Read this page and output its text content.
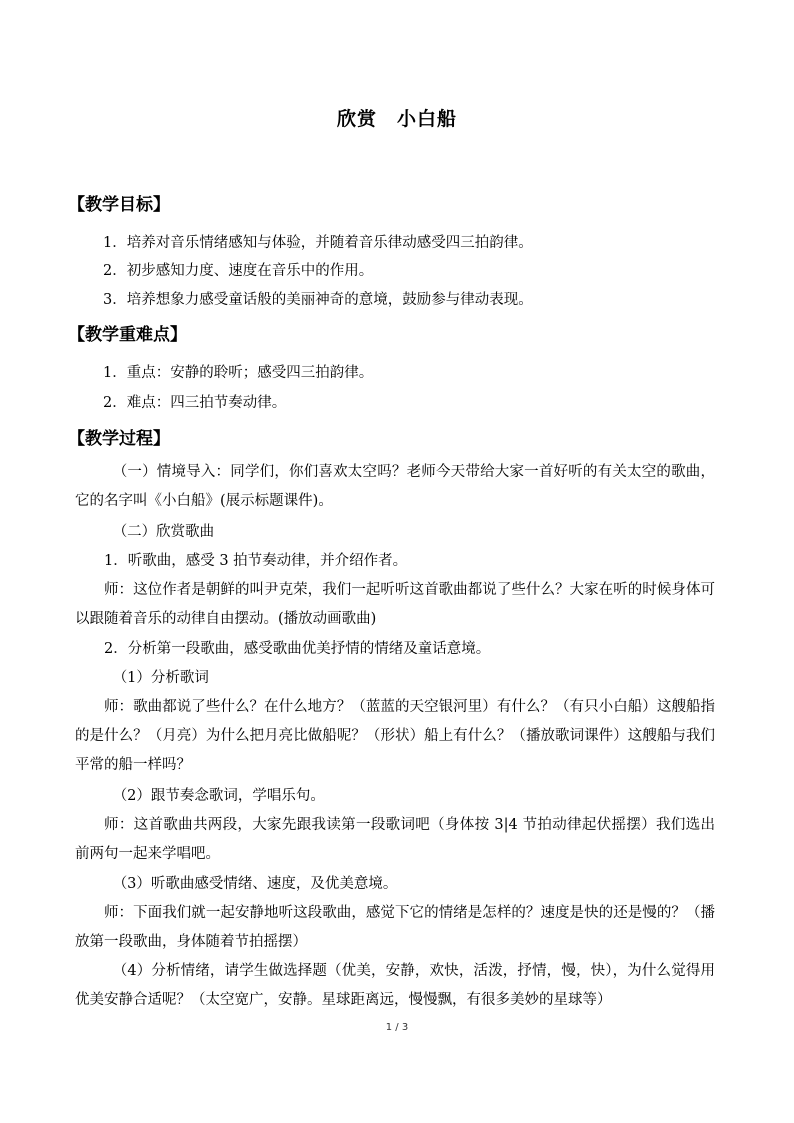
欣赏　小白船
【教学目标】
1．培养对音乐情绪感知与体验，并随着音乐律动感受四三拍韵律。
2．初步感知力度、速度在音乐中的作用。
3．培养想象力感受童话般的美丽神奇的意境，鼓励参与律动表现。
【教学重难点】
1．重点：安静的聆听；感受四三拍韵律。
2．难点：四三拍节奏动律。
【教学过程】
（一）情境导入：同学们，你们喜欢太空吗？老师今天带给大家一首好听的有关太空的歌曲，它的名字叫《小白船》(展示标题课件)。
（二）欣赏歌曲
1．听歌曲，感受 3 拍节奏动律，并介绍作者。
师：这位作者是朝鲜的叫尹克荣，我们一起听听这首歌曲都说了些什么？大家在听的时候身体可以跟随着音乐的动律自由摆动。(播放动画歌曲)
2．分析第一段歌曲，感受歌曲优美抒情的情绪及童话意境。
（1）分析歌词
师：歌曲都说了些什么？在什么地方？（蓝蓝的天空银河里）有什么？（有只小白船）这艘船指的是什么？（月亮）为什么把月亮比做船呢？（形状）船上有什么？（播放歌词课件）这艘船与我们平常的船一样吗？
（2）跟节奏念歌词，学唱乐句。
师：这首歌曲共两段，大家先跟我读第一段歌词吧（身体按 3|4 节拍动律起伏摇摆）我们选出前两句一起来学唱吧。
（3）听歌曲感受情绪、速度，及优美意境。
师：下面我们就一起安静地听这段歌曲，感觉下它的情绪是怎样的？速度是快的还是慢的？（播放第一段歌曲，身体随着节拍摇摆）
（4）分析情绪，请学生做选择题（优美，安静，欢快，活泼，抒情，慢，快），为什么觉得用优美安静合适呢？（太空宽广，安静。星球距离远，慢慢飘，有很多美妙的星球等）
1 / 3
